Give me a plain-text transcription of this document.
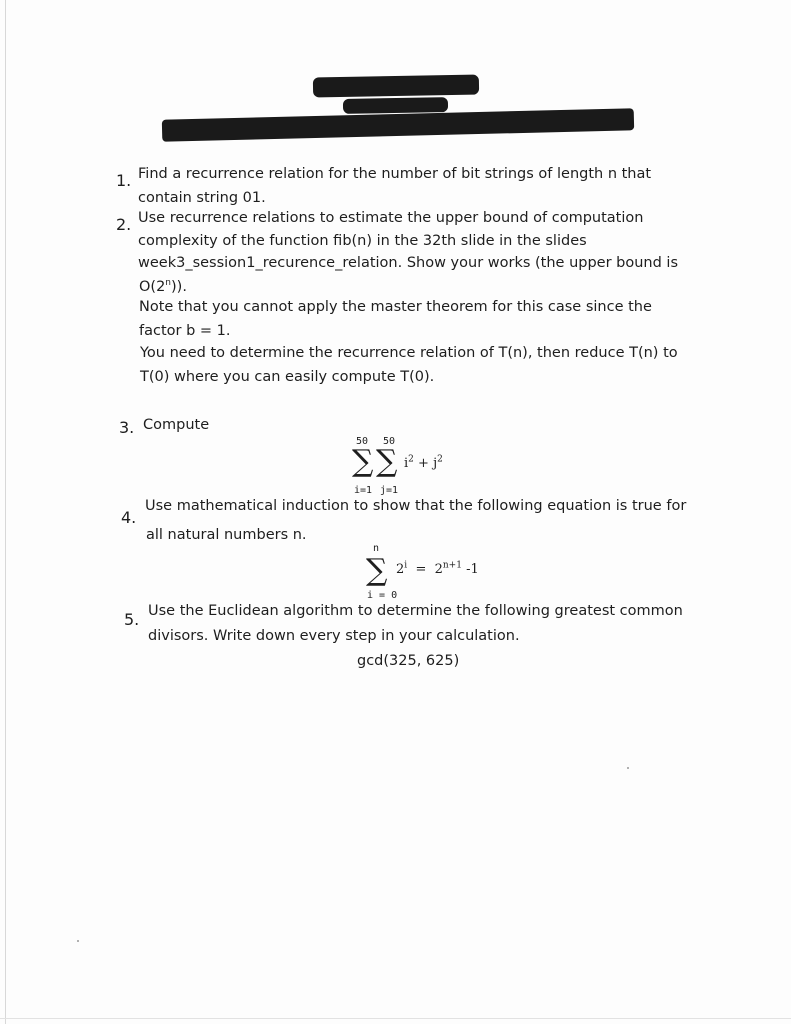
1. Find a recurrence relation for the number of bit strings of length n that
contain string 01.
2. Use recurrence relations to estimate the upper bound of computation
complexity of the function fib(n) in the 32th slide in the slides
week3_session1_recurence_relation. Show your works (the upper bound is
O(2$^n$)).
Note that you cannot apply the master theorem for this case since the
factor b = 1.
You need to determine the recurrence relation of T(n), then reduce T(n) to
T(0) where you can easily compute T(0).
3. Compute
50 50
∑ ∑ $i^2 + j^2$
i=1 j=1
4.
Use mathematical induction to show that the following equation is true for
all natural numbers n.
n
∑ $2^i = 2^{n+1}$ -1
i = 0
5. Use the Euclidean algorithm to determine the following greatest common
divisors. Write down every step in your calculation.
gcd(325, 625)
